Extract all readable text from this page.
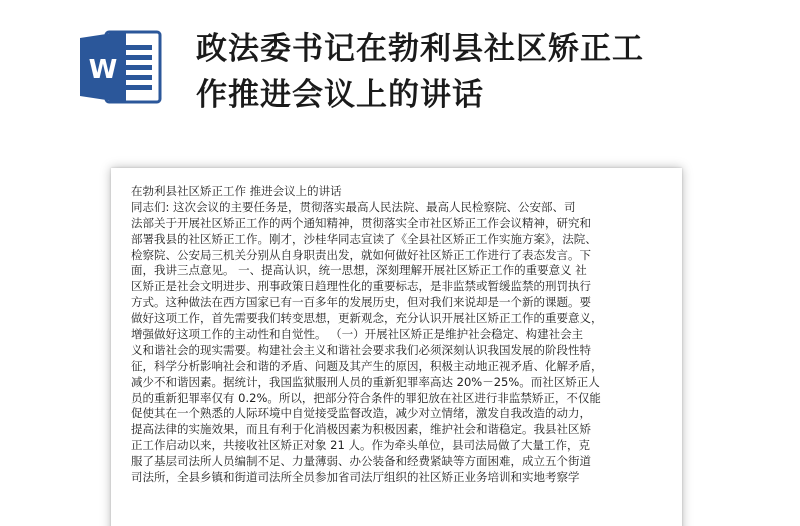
W
政法委书记在勃利县社区矫正工
作推进会议上的讲话
在勃利县社区矫正工作 推进会议上的讲话
同志们: 这次会议的主要任务是，贯彻落实最高人民法院、最高人民检察院、公安部、司
法部关于开展社区矫正工作的两个通知精神，贯彻落实全市社区矫正工作会议精神，研究和
部署我县的社区矫正工作。刚才，沙桂华同志宣读了《全县社区矫正工作实施方案》，法院、
检察院、公安局三机关分别从自身职责出发，就如何做好社区矫正工作进行了表态发言。下
面，我讲三点意见。 一、提高认识，统一思想，深刻理解开展社区矫正工作的重要意义 社
区矫正是社会文明进步、刑事政策日趋理性化的重要标志，是非监禁或暂缓监禁的刑罚执行
方式。这种做法在西方国家已有一百多年的发展历史，但对我们来说却是一个新的课题。要
做好这项工作，首先需要我们转变思想，更新观念，充分认识开展社区矫正工作的重要意义，
增强做好这项工作的主动性和自觉性。 （一）开展社区矫正是维护社会稳定、构建社会主
义和谐社会的现实需要。构建社会主义和谐社会要求我们必须深刻认识我国发展的阶段性特
征，科学分析影响社会和谐的矛盾、问题及其产生的原因，积极主动地正视矛盾、化解矛盾，
减少不和谐因素。据统计，我国监狱服刑人员的重新犯罪率高达 20%－25%。而社区矫正人
员的重新犯罪率仅有 0.2%。所以，把部分符合条件的罪犯放在社区进行非监禁矫正，不仅能
促使其在一个熟悉的人际环境中自觉接受监督改造，减少对立情绪，激发自我改造的动力，
提高法律的实施效果，而且有利于化消极因素为积极因素，维护社会和谐稳定。我县社区矫
正工作启动以来，共接收社区矫正对象 21 人。作为牵头单位，县司法局做了大量工作，克
服了基层司法所人员编制不足、力量薄弱、办公装备和经费紧缺等方面困难，成立五个街道
司法所，全县乡镇和街道司法所全员参加省司法厅组织的社区矫正业务培训和实地考察学
